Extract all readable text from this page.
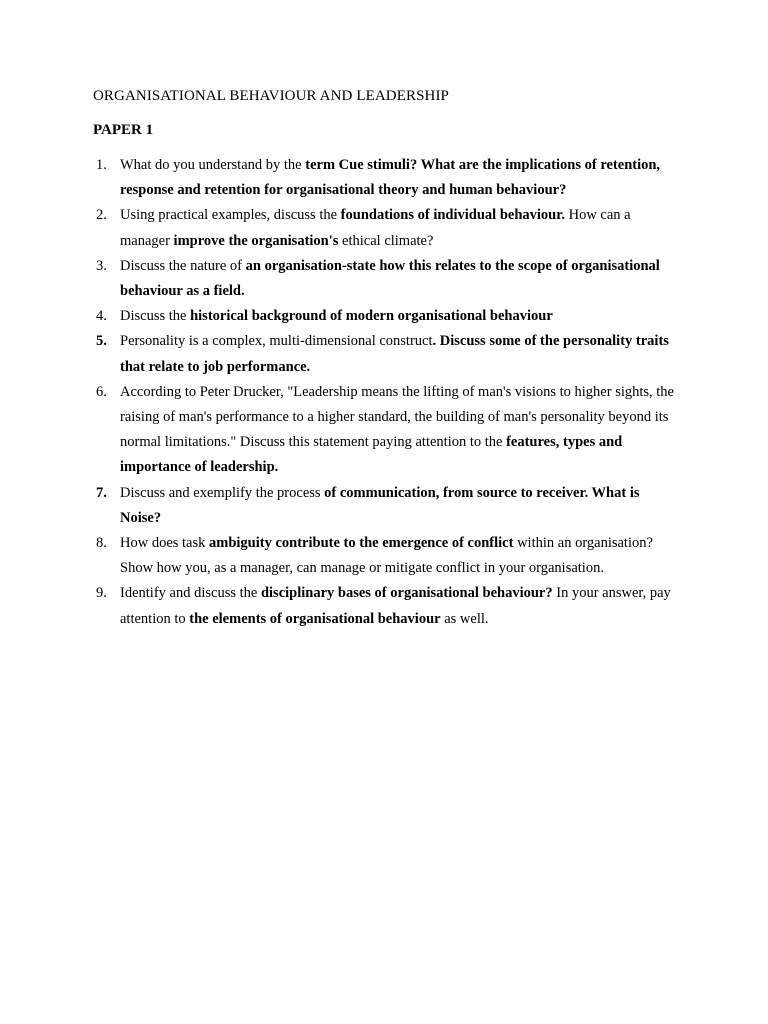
ORGANISATIONAL BEHAVIOUR AND LEADERSHIP
PAPER 1
1. What do you understand by the term Cue stimuli? What are the implications of retention, response and retention for organisational theory and human behaviour?
2. Using practical examples, discuss the foundations of individual behaviour. How can a manager improve the organisation's ethical climate?
3. Discuss the nature of an organisation-state how this relates to the scope of organisational behaviour as a field.
4. Discuss the historical background of modern organisational behaviour
5. Personality is a complex, multi-dimensional construct. Discuss some of the personality traits that relate to job performance.
6. According to Peter Drucker, "Leadership means the lifting of man's visions to higher sights, the raising of man's performance to a higher standard, the building of man's personality beyond its normal limitations." Discuss this statement paying attention to the features, types and importance of leadership.
7. Discuss and exemplify the process of communication, from source to receiver. What is Noise?
8. How does task ambiguity contribute to the emergence of conflict within an organisation? Show how you, as a manager, can manage or mitigate conflict in your organisation.
9. Identify and discuss the disciplinary bases of organisational behaviour? In your answer, pay attention to the elements of organisational behaviour as well.
